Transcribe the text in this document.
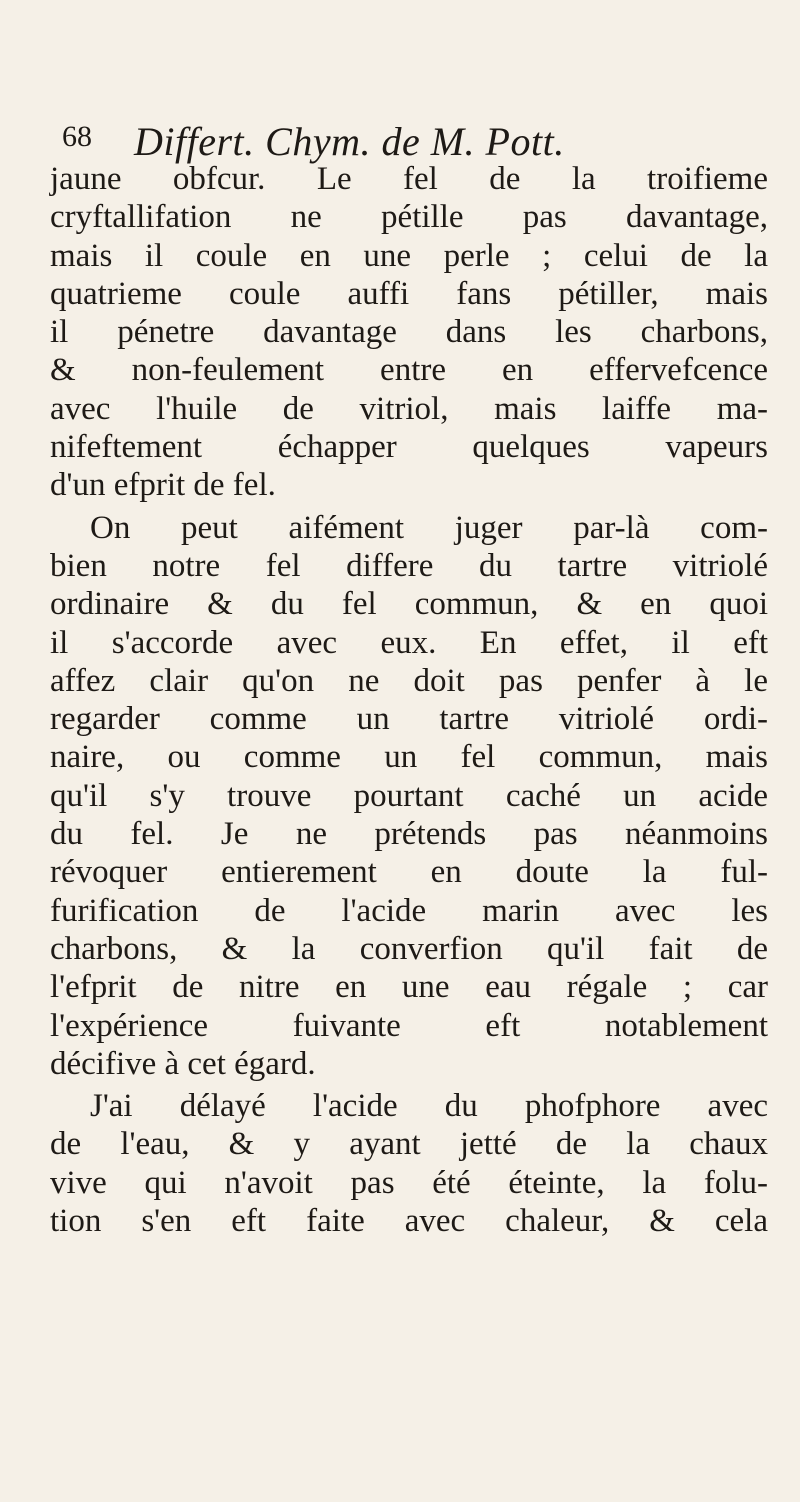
68 Differt. Chym. de M. Pott.
jaune obfcur. Le fel de la troifieme
cryftallifation ne pétille pas davantage,
mais il coule en une perle ; celui de la
quatrieme coule auffi fans pétiller, mais
il pénetre davantage dans les charbons,
& non-feulement entre en effervefcence
avec l'huile de vitriol, mais laiffe ma-
nifeftement échapper quelques vapeurs
d'un efprit de fel.
On peut aifément juger par-là com-
bien notre fel differe du tartre vitriolé
ordinaire & du fel commun, & en quoi
il s'accorde avec eux. En effet, il eft
affez clair qu'on ne doit pas penfer à le
regarder comme un tartre vitriolé ordi-
naire, ou comme un fel commun, mais
qu'il s'y trouve pourtant caché un acide
du fel. Je ne prétends pas néanmoins
révoquer entierement en doute la ful-
furification de l'acide marin avec les
charbons, & la converfion qu'il fait de
l'efprit de nitre en une eau régale ; car
l'expérience fuivante eft notablement
décifive à cet égard.
J'ai délayé l'acide du phofphore avec
de l'eau, & y ayant jetté de la chaux
vive qui n'avoit pas été éteinte, la folu-
tion s'en eft faite avec chaleur, & cela
